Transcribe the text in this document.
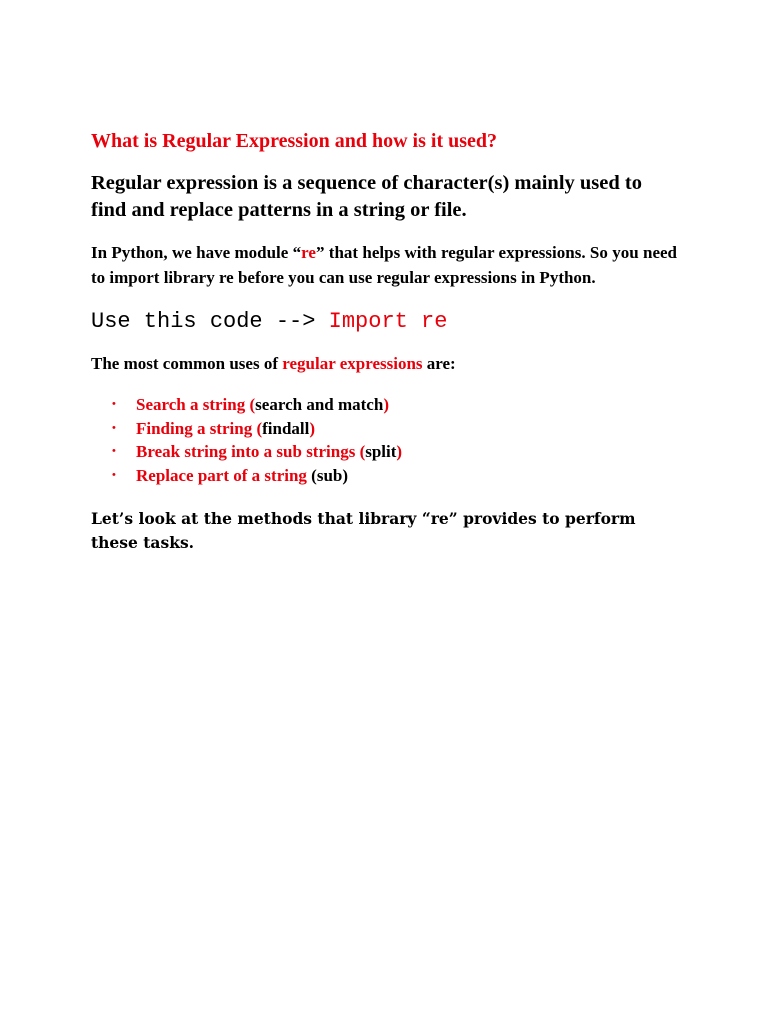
What is Regular Expression and how is it used?

Regular expression is a sequence of character(s) mainly used to find and replace patterns in a string or file.

In Python, we have module “re” that helps with regular expressions. So you need to import library re before you can use regular expressions in Python.

Use this code --> Import re

The most common uses of regular expressions are:

• Search a string (search and match)
• Finding a string (findall)
• Break string into a sub strings (split)
• Replace part of a string (sub)

Let’s look at the methods that library “re” provides to perform these tasks.
